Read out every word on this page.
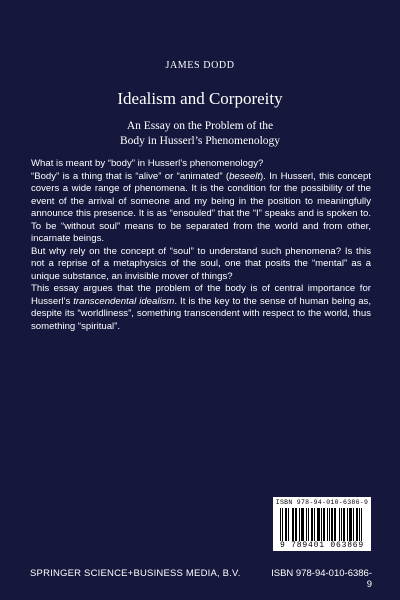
JAMES DODD
Idealism and Corporeity
An Essay on the Problem of the
Body in Husserl’s Phenomenology

What is meant by “body” in Husserl’s phenomenology?

“Body” is a thing that is “alive” or “animated” (beseelt). In Husserl, this concept covers a wide range of phenomena. It is the condition for the possibility of the event of the arrival of someone and my being in the position to meaningfully announce this presence. It is as “ensouled” that the “I” speaks and is spoken to. To be “without soul” means to be separated from the world and from other, incarnate beings.

But why rely on the concept of “soul” to understand such phenomena? Is this not a reprise of a metaphysics of the soul, one that posits the “mental” as a unique substance, an invisible mover of things?

This essay argues that the problem of the body is of central importance for Husserl’s transcendental idealism. It is the key to the sense of human being as, despite its “worldliness”, something transcendent with respect to the world, thus something “spiritual”.

ISBN 978-94-010-6386-9
9 789401 063869
SPRINGER SCIENCE+BUSINESS MEDIA, B.V.	ISBN 978-94-010-6386-9
